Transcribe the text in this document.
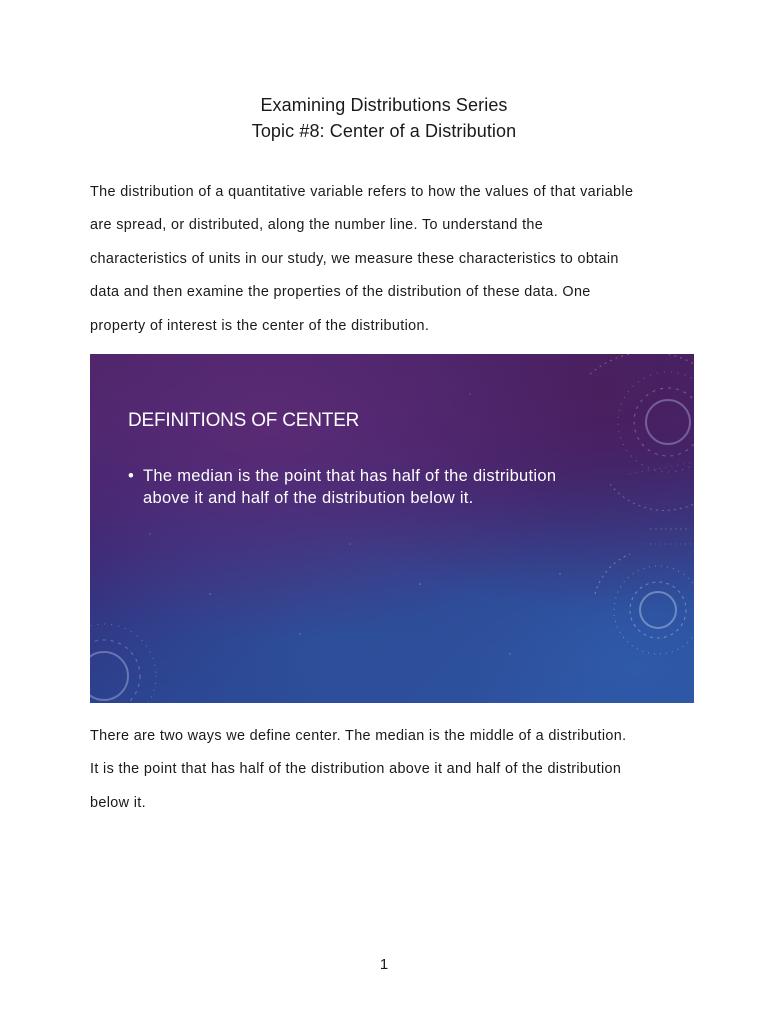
Examining Distributions Series
Topic #8: Center of a Distribution

The distribution of a quantitative variable refers to how the values of that variable
are spread, or distributed, along the number line. To understand the
characteristics of units in our study, we measure these characteristics to obtain
data and then examine the properties of the distribution of these data. One
property of interest is the center of the distribution.

DEFINITIONS OF CENTER
• The median is the point that has half of the distribution
above it and half of the distribution below it.
There are two ways we define center. The median is the middle of a distribution.
It is the point that has half of the distribution above it and half of the distribution
below it.
1
